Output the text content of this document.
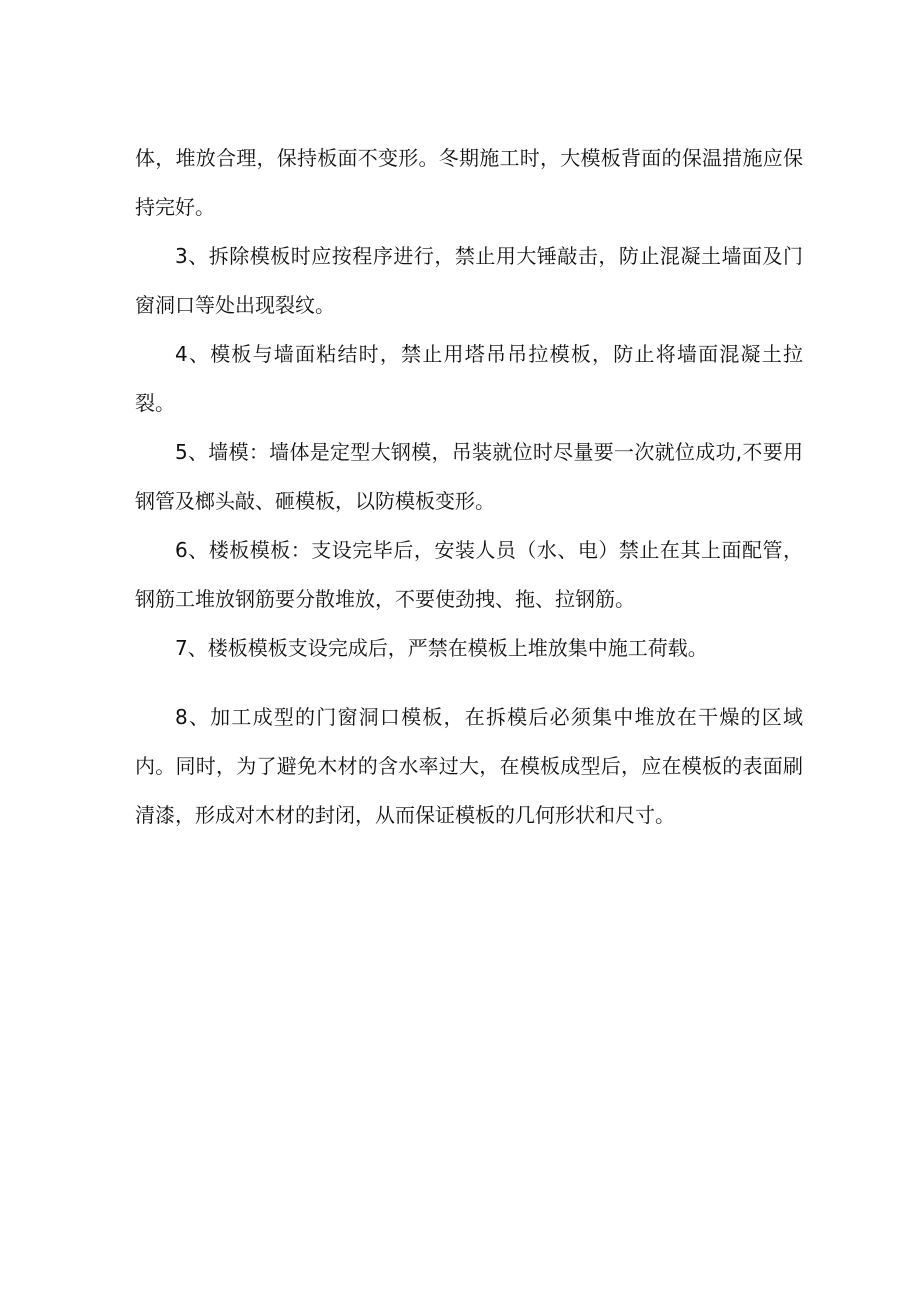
体，堆放合理，保持板面不变形。冬期施工时，大模板背面的保温措施应保持完好。

3、拆除模板时应按程序进行，禁止用大锤敲击，防止混凝土墙面及门窗洞口等处出现裂纹。

4、模板与墙面粘结时，禁止用塔吊吊拉模板，防止将墙面混凝土拉裂。

5、墙模：墙体是定型大钢模，吊装就位时尽量要一次就位成功,不要用钢管及榔头敲、砸模板，以防模板变形。

6、楼板模板：支设完毕后，安装人员（水、电）禁止在其上面配管，钢筋工堆放钢筋要分散堆放，不要使劲拽、拖、拉钢筋。

7、楼板模板支设完成后，严禁在模板上堆放集中施工荷载。

8、加工成型的门窗洞口模板，在拆模后必须集中堆放在干燥的区域内。同时，为了避免木材的含水率过大，在模板成型后，应在模板的表面刷清漆，形成对木材的封闭，从而保证模板的几何形状和尺寸。
